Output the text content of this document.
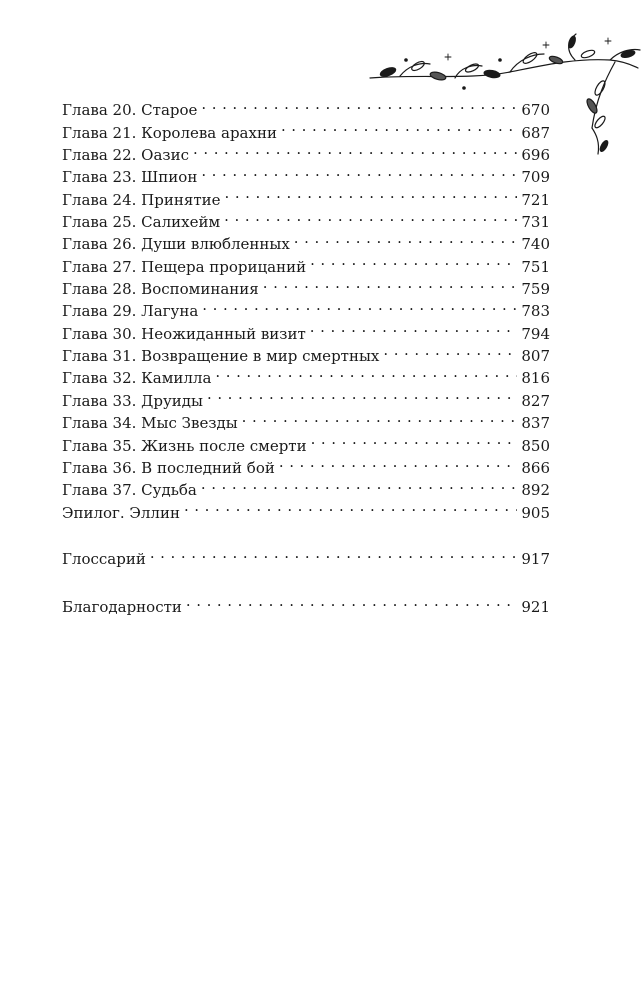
Глава 20. Старое . . .	670
Глава 21. Королева арахни . . .	687
Глава 22. Оазис . . .	696
Глава 23. Шпион . . .	709
Глава 24. Принятие . . .	721
Глава 25. Салихейм . . .	731
Глава 26. Души влюбленных . . .	740
Глава 27. Пещера прорицаний . . .	751
Глава 28. Воспоминания . . .	759
Глава 29. Лагуна . . .	783
Глава 30. Неожиданный визит . . .	794
Глава 31. Возвращение в мир смертных . . .	807
Глава 32. Камилла . . .	816
Глава 33. Друиды . . .	827
Глава 34. Мыс Звезды . . .	837
Глава 35. Жизнь после смерти . . .	850
Глава 36. В последний бой . . .	866
Глава 37. Судьба . . .	892
Эпилог. Эллин . . .	905
Глоссарий . . .	917
Благодарности . . .	921
